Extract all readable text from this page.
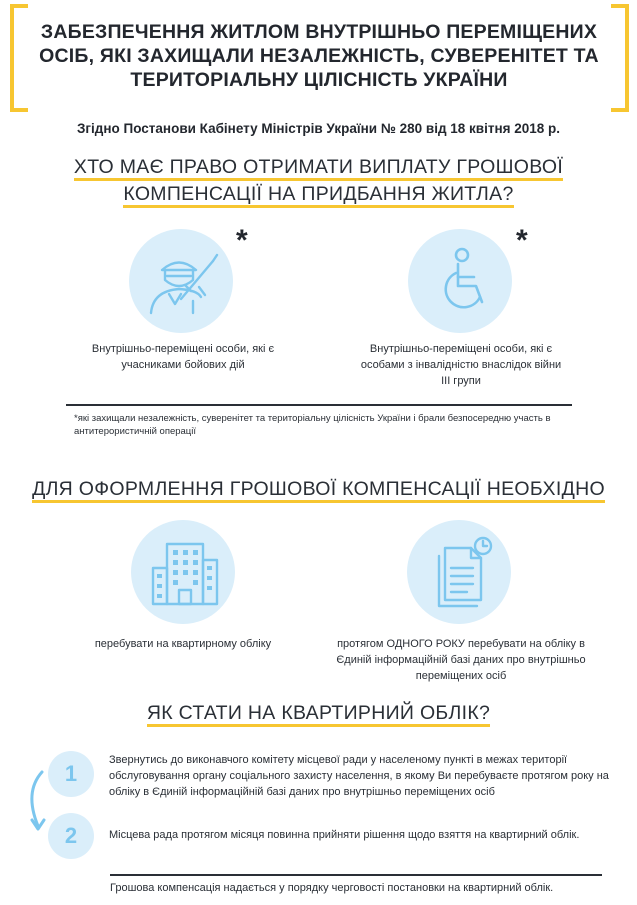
ЗАБЕЗПЕЧЕННЯ ЖИТЛОМ ВНУТРІШНЬО ПЕРЕМІЩЕНИХ ОСІБ, ЯКІ ЗАХИЩАЛИ НЕЗАЛЕЖНІСТЬ, СУВЕРЕНІТЕТ ТА ТЕРИТОРІАЛЬНУ ЦІЛІСНІСТЬ УКРАЇНИ
Згідно Постанови Кабінету Міністрів України № 280 від 18 квітня 2018 р.
ХТО МАЄ ПРАВО ОТРИМАТИ ВИПЛАТУ ГРОШОВОЇ
КОМПЕНСАЦІЇ НА ПРИДБАННЯ ЖИТЛА?
*
Внутрішньо-переміщені особи, які є учасниками бойових дій
*
Внутрішньо-переміщені особи, які є особами з інвалідністю внаслідок війни ІІІ групи
*які захищали незалежність, суверенітет та територіальну цілісність України і брали безпосередню участь в антитерористичній операції
ДЛЯ ОФОРМЛЕННЯ ГРОШОВОЇ КОМПЕНСАЦІЇ НЕОБХІДНО
перебувати на квартирному обліку	протягом ОДНОГО РОКУ перебувати на обліку в Єдиній інформаційній базі даних про внутрішньо переміщених осіб
ЯК СТАТИ НА КВАРТИРНИЙ ОБЛІК?
1
Звернутись до виконавчого комітету місцевої ради у населеному пункті в межах території обслуговування органу соціального захисту населення, в якому Ви перебуваєте протягом року на обліку в Єдиній інформаційній базі даних про внутрішньо переміщених осіб
2	Місцева рада протягом місяця повинна прийняти рішення щодо взяття на квартирний облік.
Грошова компенсація надається у порядку черговості постановки на квартирний облік.
